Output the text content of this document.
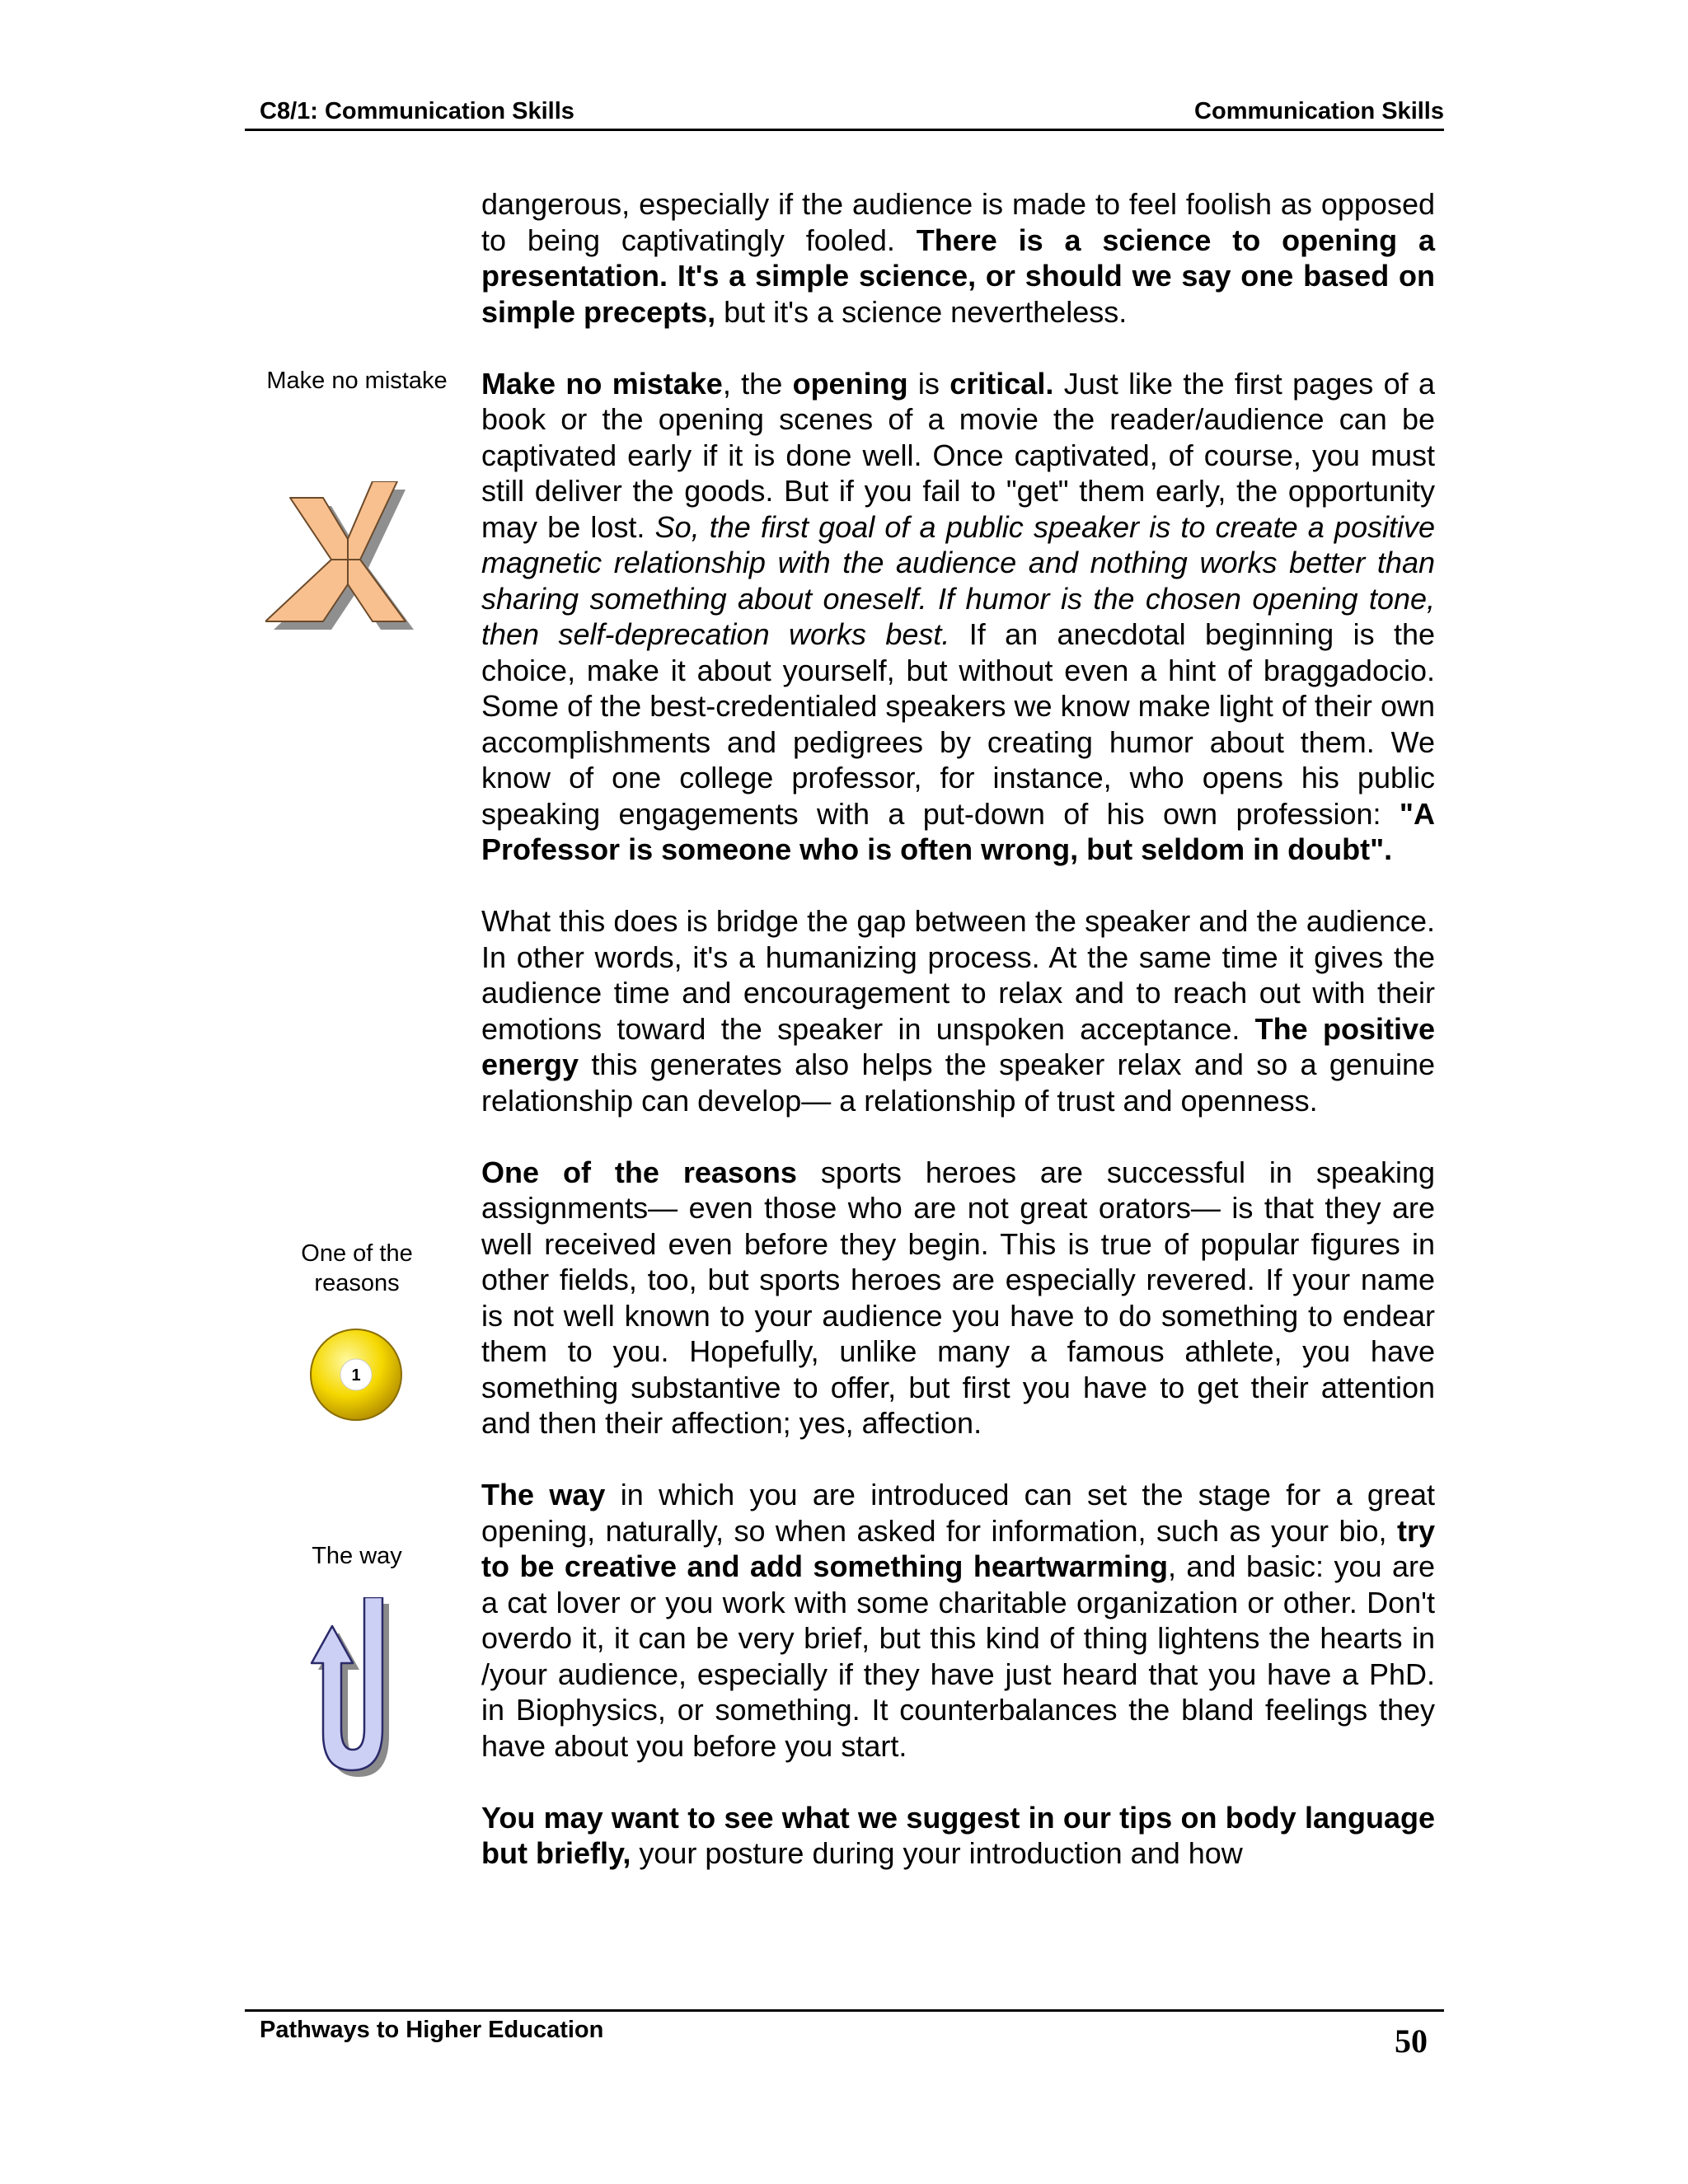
C8/1: Communication Skills	Communication Skills
Make no mistake
One of the reasons
1
The way

dangerous, especially if the audience is made to feel foolish as opposed to being captivatingly fooled. There is a science to opening a presentation. It's a simple science, or should we say one based on simple precepts, but it's a science nevertheless.

Make no mistake, the opening is critical. Just like the first pages of a book or the opening scenes of a movie the reader/audience can be captivated early if it is done well. Once captivated, of course, you must still deliver the goods. But if you fail to "get" them early, the opportunity may be lost. So, the first goal of a public speaker is to create a positive magnetic relationship with the audience and nothing works better than sharing something about oneself. If humor is the chosen opening tone, then self-deprecation works best. If an anecdotal beginning is the choice, make it about yourself, but without even a hint of braggadocio. Some of the best-credentialed speakers we know make light of their own accomplishments and pedigrees by creating humor about them. We know of one college professor, for instance, who opens his public speaking engagements with a put-down of his own profession: "A Professor is someone who is often wrong, but seldom in doubt".

What this does is bridge the gap between the speaker and the audience. In other words, it's a humanizing process. At the same time it gives the audience time and encouragement to relax and to reach out with their emotions toward the speaker in unspoken acceptance. The positive energy this generates also helps the speaker relax and so a genuine relationship can develop— a relationship of trust and openness.

One of the reasons sports heroes are successful in speaking assignments— even those who are not great orators— is that they are well received even before they begin. This is true of popular figures in other fields, too, but sports heroes are especially revered. If your name is not well known to your audience you have to do something to endear them to you. Hopefully, unlike many a famous athlete, you have something substantive to offer, but first you have to get their attention and then their affection; yes, affection.

The way in which you are introduced can set the stage for a great opening, naturally, so when asked for information, such as your bio, try to be creative and add something heartwarming, and basic: you are a cat lover or you work with some charitable organization or other. Don't overdo it, it can be very brief, but this kind of thing lightens the hearts in /your audience, especially if they have just heard that you have a PhD. in Biophysics, or something. It counterbalances the bland feelings they have about you before you start.

You may want to see what we suggest in our tips on body language but briefly, your posture during your introduction and how

Pathways to Higher Education	50
